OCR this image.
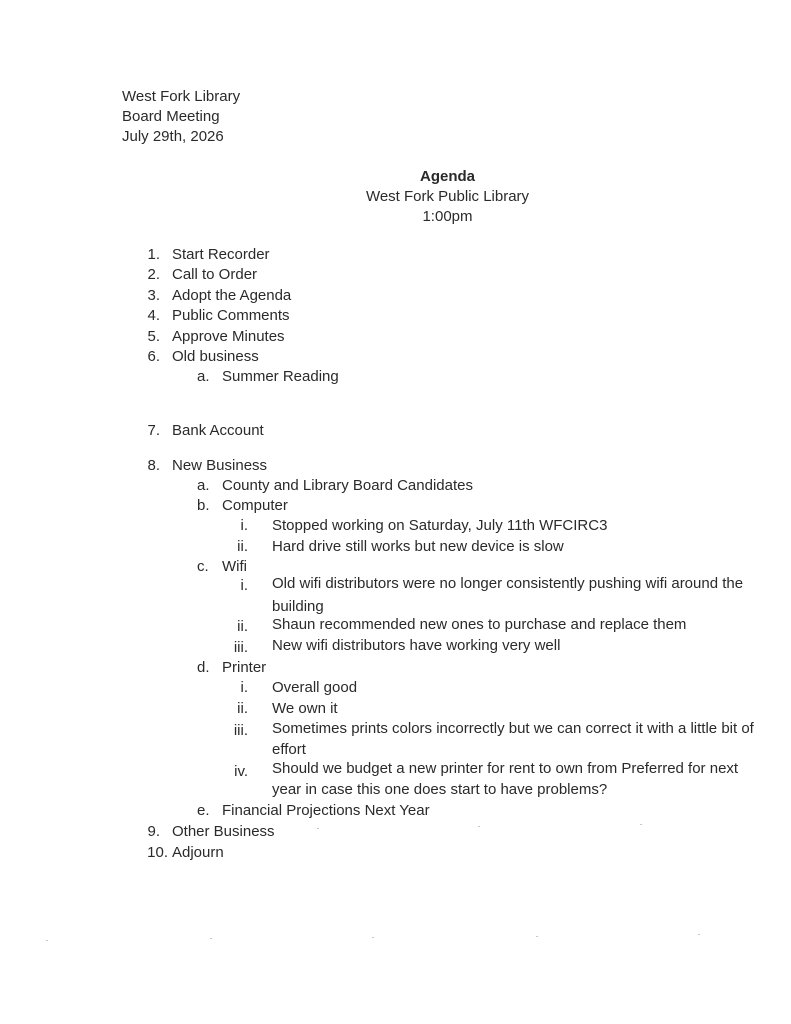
West Fork Library
Board Meeting
July 29th, 2026
Agenda
West Fork Public Library
1:00pm
1. Start Recorder
2. Call to Order
3. Adopt the Agenda
4. Public Comments
5. Approve Minutes
6. Old business
a. Summer Reading
7. Bank Account
8. New Business
a. County and Library Board Candidates
b. Computer
i. Stopped working on Saturday, July 11th WFCIRC3
ii. Hard drive still works but new device is slow
c. Wifi
i. Old wifi distributors were no longer consistently pushing wifi around the
building
ii. Shaun recommended new ones to purchase and replace them
iii. New wifi distributors have working very well
d. Printer
i. Overall good
ii. We own it
iii. Sometimes prints colors incorrectly but we can correct it with a little bit of
effort
iv. Should we budget a new printer for rent to own from Preferred for next
year in case this one does start to have problems?
e. Financial Projections Next Year
9. Other Business
10. Adjourn
